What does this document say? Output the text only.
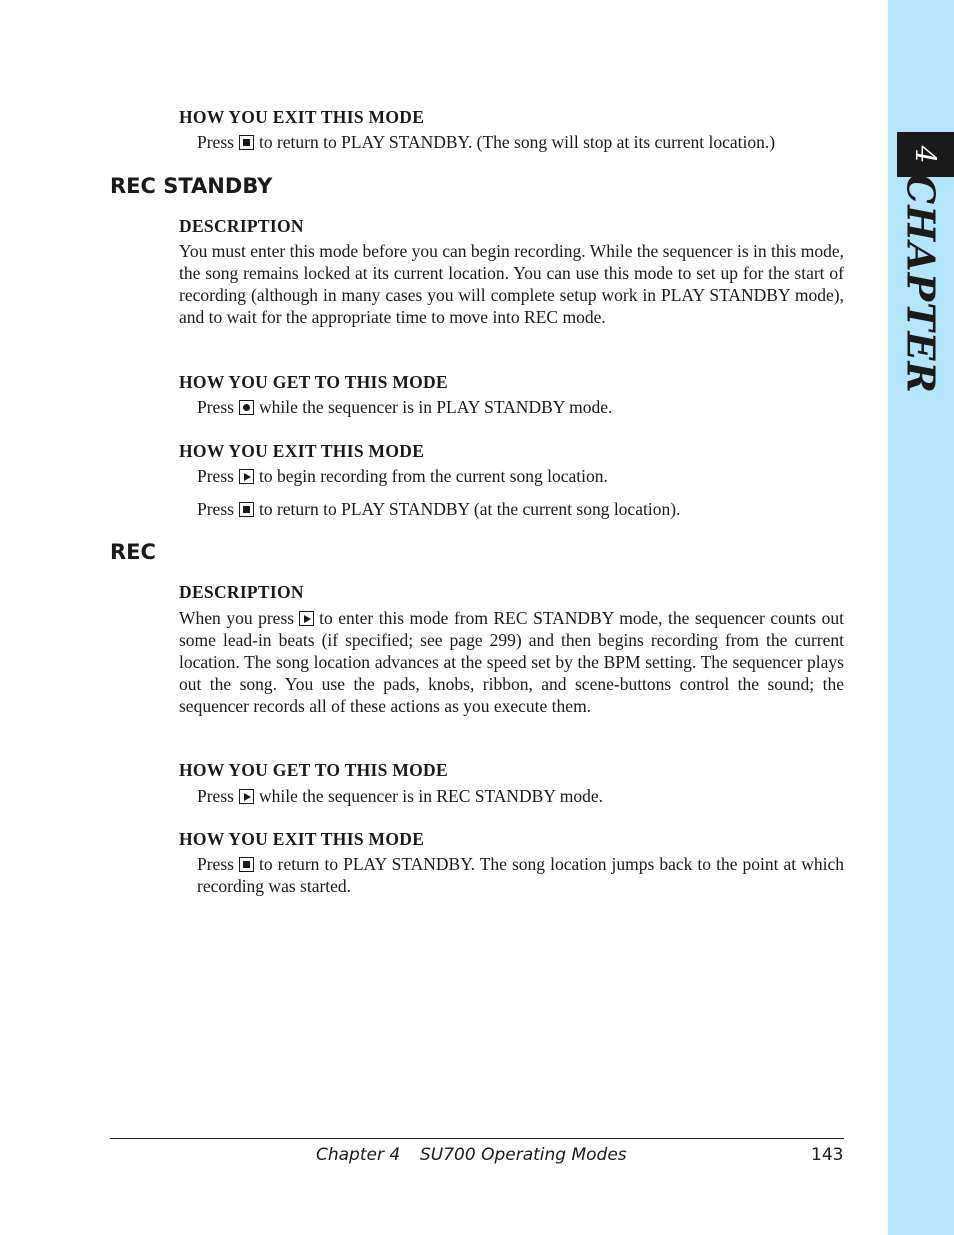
4
CHAPTER
HOW YOU EXIT THIS MODE

Press to return to PLAY STANDBY. (The song will stop at its current location.)

REC STANDBY
DESCRIPTION

You must enter this mode before you can begin recording. While the sequencer is in this mode, the song remains locked at its current location. You can use this mode to set up for the start of recording (although in many cases you will complete setup work in PLAY STANDBY mode), and to wait for the appropriate time to move into REC mode.

HOW YOU GET TO THIS MODE

Press while the sequencer is in PLAY STANDBY mode.

HOW YOU EXIT THIS MODE

Press to begin recording from the current song location.

Press to return to PLAY STANDBY (at the current song location).

REC
DESCRIPTION

When you press to enter this mode from REC STANDBY mode, the sequencer counts out some lead-in beats (if specified; see page 299) and then begins recording from the current location. The song location advances at the speed set by the BPM setting. The sequencer plays out the song. You use the pads, knobs, ribbon, and scene-buttons control the sound; the sequencer records all of these actions as you execute them.

HOW YOU GET TO THIS MODE

Press while the sequencer is in REC STANDBY mode.

HOW YOU EXIT THIS MODE

Press to return to PLAY STANDBY. The song location jumps back to the point at which recording was started.

Chapter 4 SU700 Operating Modes	143
